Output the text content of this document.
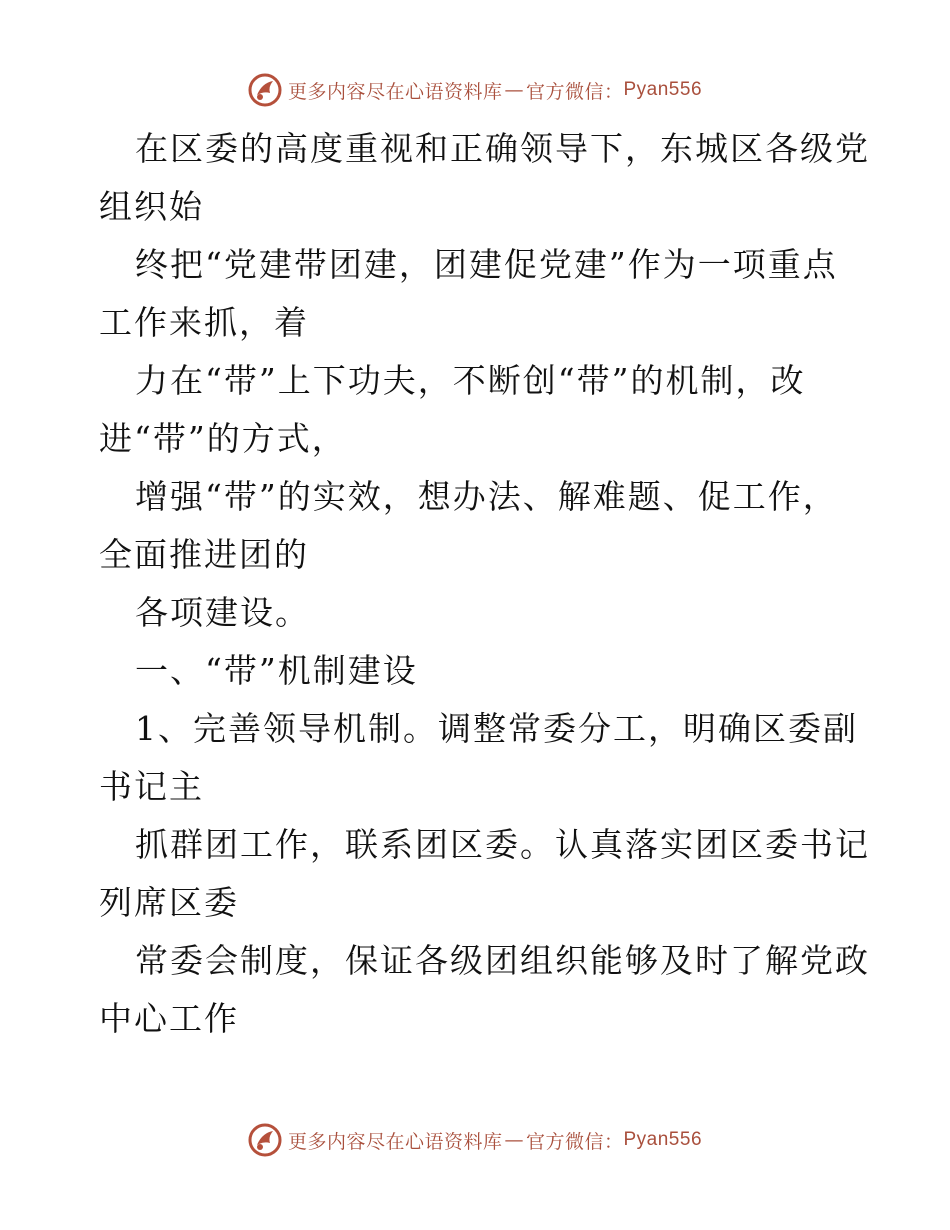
更多内容尽在心语资料库 — 官方微信： Pyan556
在区委的高度重视和正确领导下，东城区各级党
组织始
终把“党建带团建，团建促党建”作为一项重点
工作来抓，着
力在“带”上下功夫，不断创“带”的机制，改
进“带”的方式，
增强“带”的实效，想办法、解难题、促工作，
全面推进团的
各项建设。
一、“带”机制建设
1、完善领导机制。调整常委分工，明确区委副
书记主
抓群团工作，联系团区委。认真落实团区委书记
列席区委
常委会制度，保证各级团组织能够及时了解党政
中心工作
更多内容尽在心语资料库 — 官方微信： Pyan556
